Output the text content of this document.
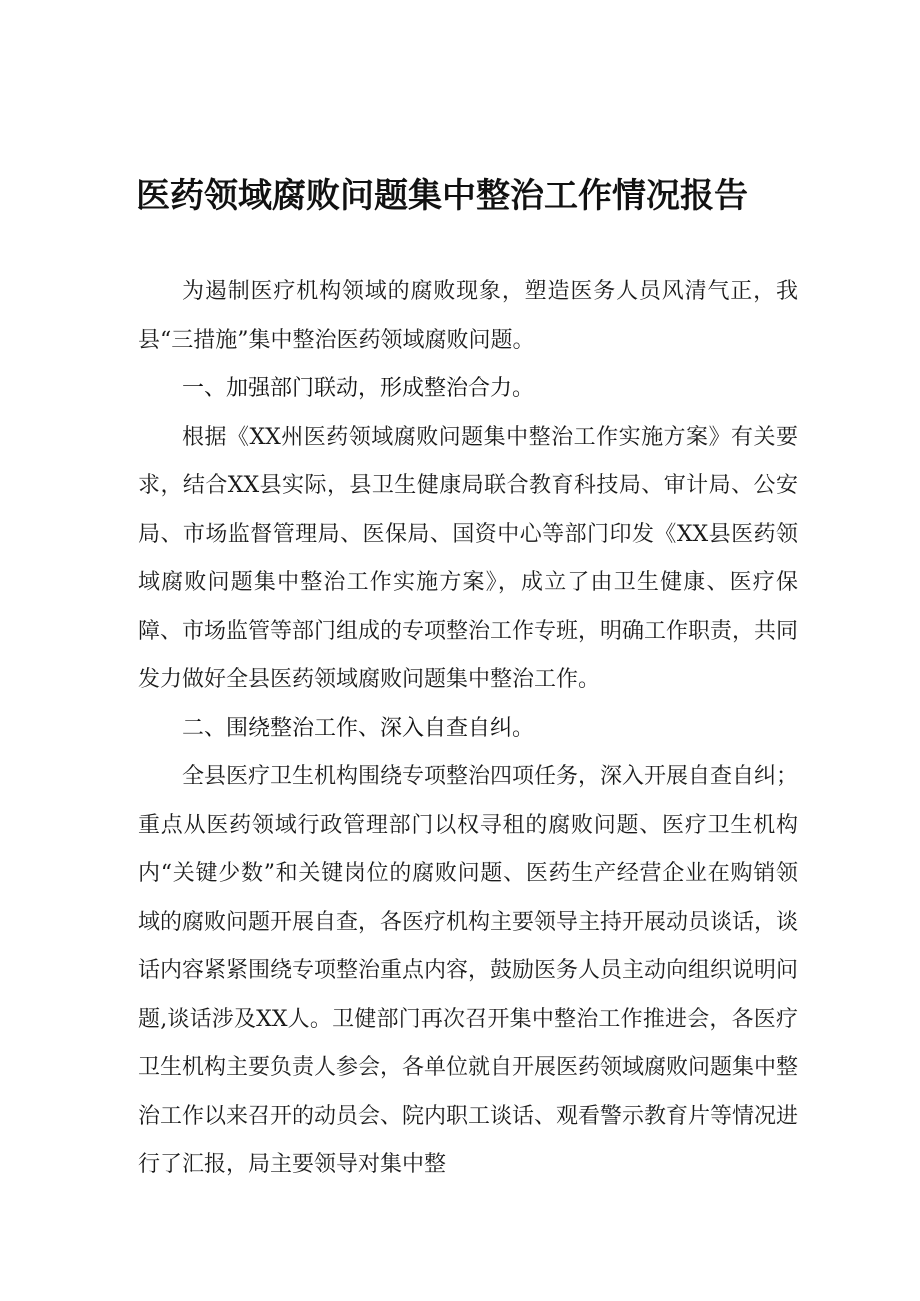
医药领域腐败问题集中整治工作情况报告

为遏制医疗机构领域的腐败现象，塑造医务人员风清气正，我县“三措施”集中整治医药领域腐败问题。

一、加强部门联动，形成整治合力。

根据《XX州医药领域腐败问题集中整治工作实施方案》有关要求，结合XX县实际，县卫生健康局联合教育科技局、审计局、公安局、市场监督管理局、医保局、国资中心等部门印发《XX县医药领域腐败问题集中整治工作实施方案》，成立了由卫生健康、医疗保障、市场监管等部门组成的专项整治工作专班，明确工作职责，共同发力做好全县医药领域腐败问题集中整治工作。

二、围绕整治工作、深入自查自纠。

全县医疗卫生机构围绕专项整治四项任务，深入开展自查自纠；重点从医药领域行政管理部门以权寻租的腐败问题、医疗卫生机构内“关键少数”和关键岗位的腐败问题、医药生产经营企业在购销领域的腐败问题开展自查，各医疗机构主要领导主持开展动员谈话，谈话内容紧紧围绕专项整治重点内容，鼓励医务人员主动向组织说明问题,谈话涉及XX人。卫健部门再次召开集中整治工作推进会，各医疗卫生机构主要负责人参会，各单位就自开展医药领域腐败问题集中整治工作以来召开的动员会、院内职工谈话、观看警示教育片等情况进行了汇报，局主要领导对集中整
